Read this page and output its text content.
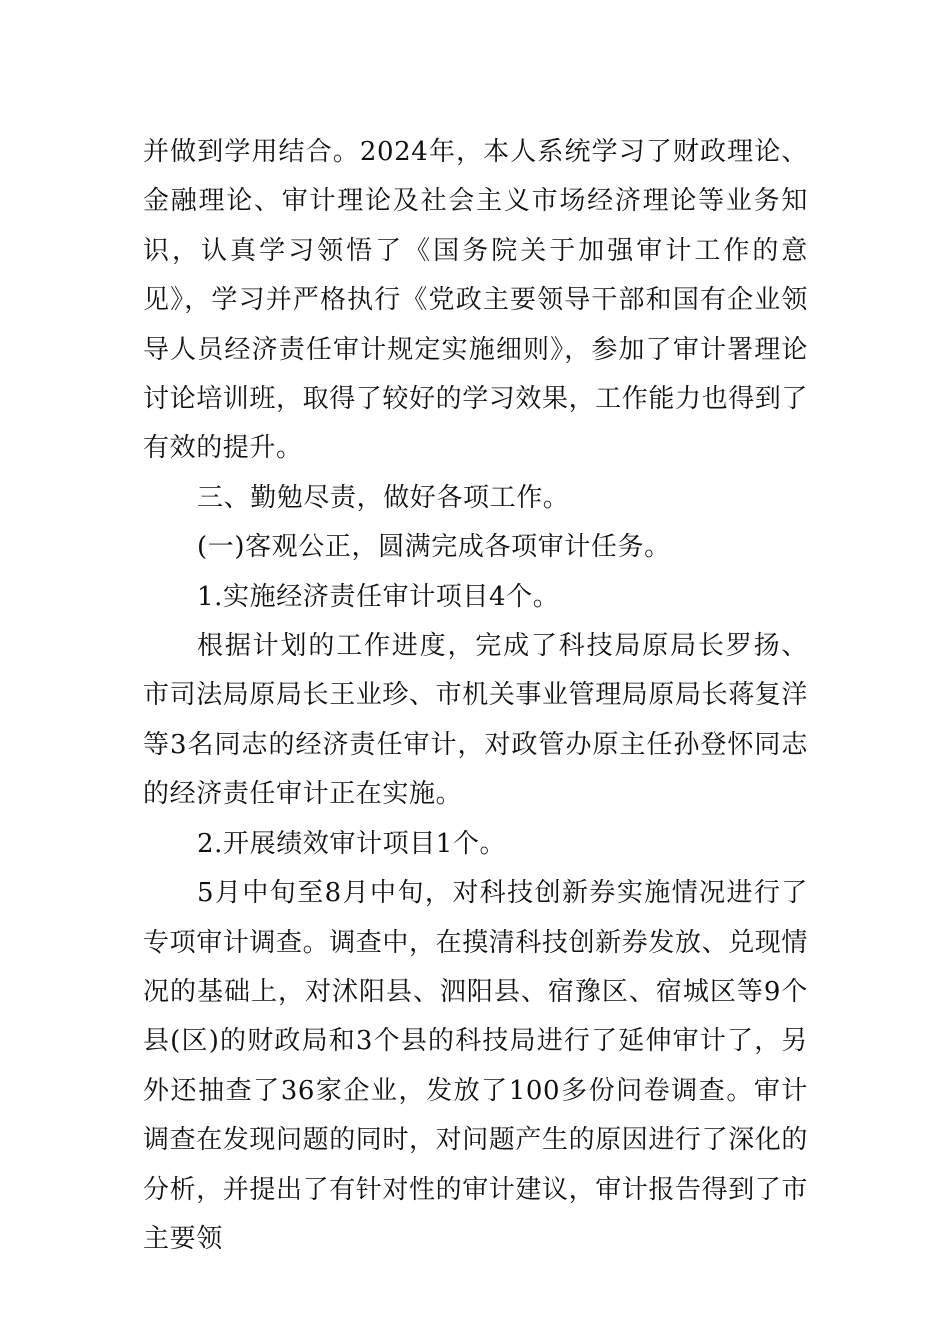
并做到学用结合。2024年，本人系统学习了财政理论、金融理论、审计理论及社会主义市场经济理论等业务知识，认真学习领悟了《国务院关于加强审计工作的意见》，学习并严格执行《党政主要领导干部和国有企业领导人员经济责任审计规定实施细则》，参加了审计署理论讨论培训班，取得了较好的学习效果，工作能力也得到了有效的提升。

三、勤勉尽责，做好各项工作。

(一)客观公正，圆满完成各项审计任务。

1.实施经济责任审计项目4个。

根据计划的工作进度，完成了科技局原局长罗扬、市司法局原局长王业珍、市机关事业管理局原局长蒋复洋等3名同志的经济责任审计，对政管办原主任孙登怀同志的经济责任审计正在实施。

2.开展绩效审计项目1个。

5月中旬至8月中旬，对科技创新券实施情况进行了专项审计调查。调查中，在摸清科技创新券发放、兑现情况的基础上，对沭阳县、泗阳县、宿豫区、宿城区等9个县(区)的财政局和3个县的科技局进行了延伸审计了，另外还抽查了36家企业，发放了100多份问卷调查。审计调查在发现问题的同时，对问题产生的原因进行了深化的分析，并提出了有针对性的审计建议，审计报告得到了市主要领
